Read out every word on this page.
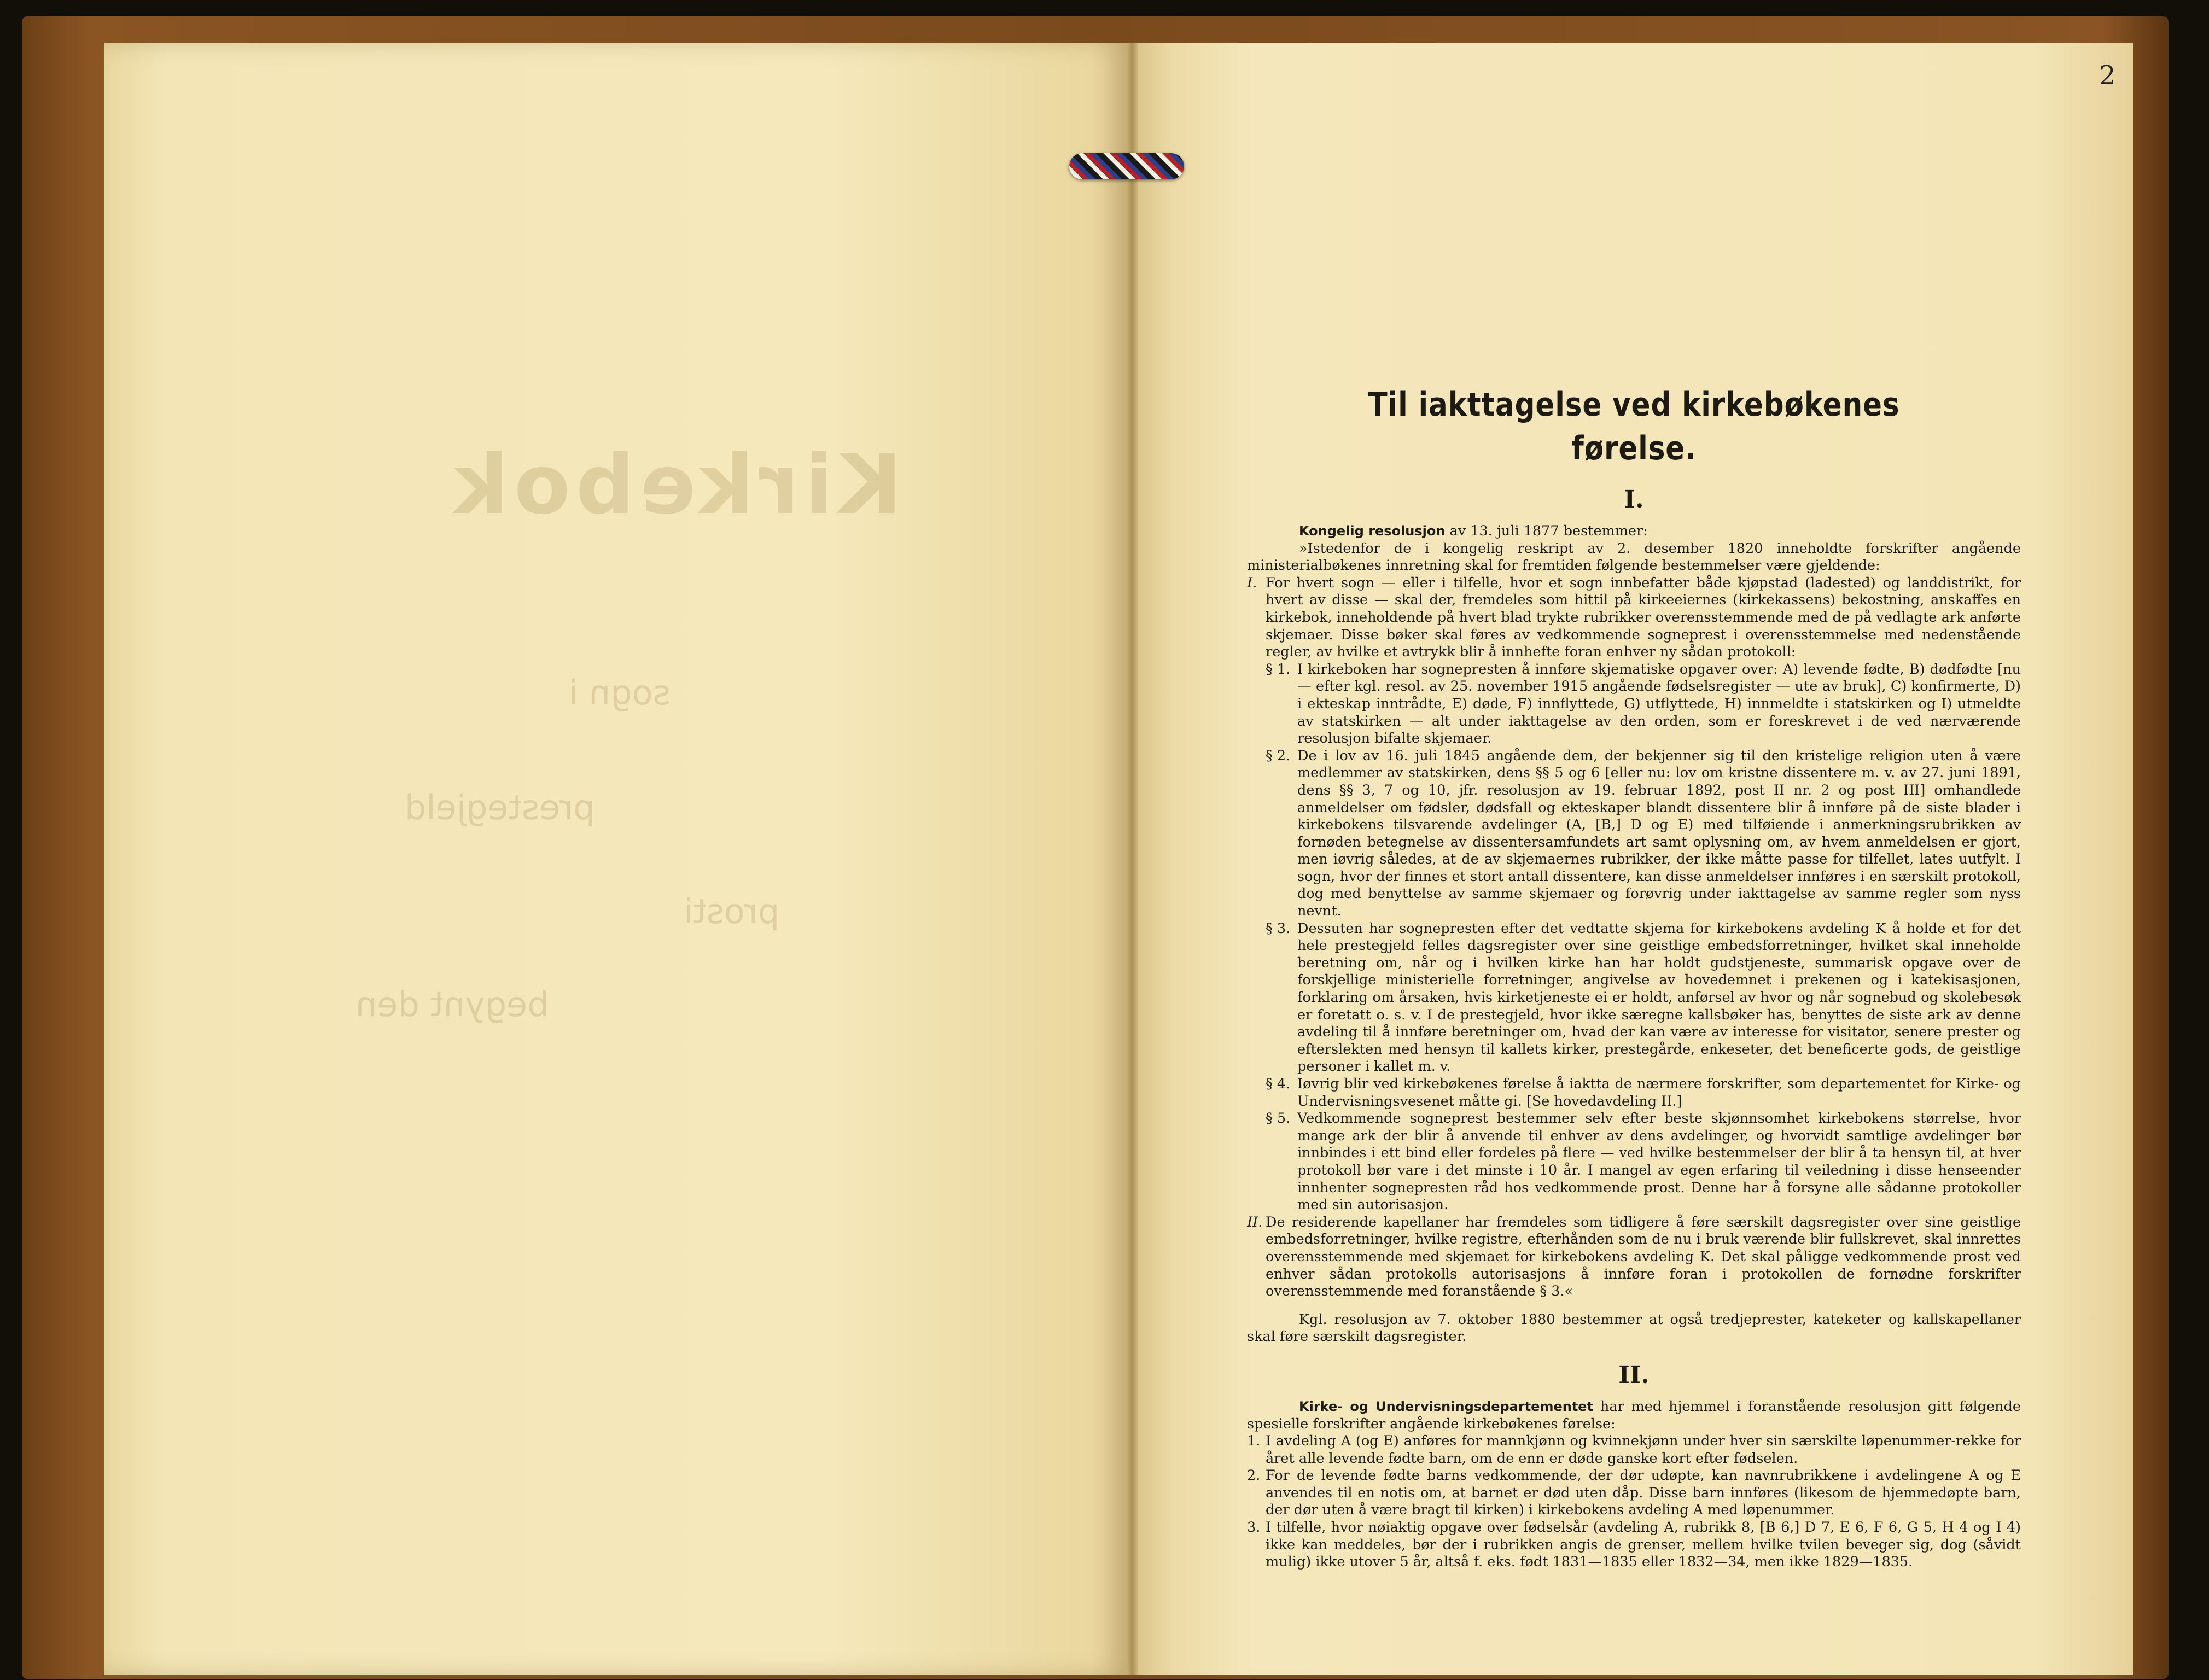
Kirkebok
sogn i
prestegjeld
prosti
begynt den
2
Til iakttagelse ved kirkebøkenes førelse.
I.

Kongelig resolusjon av 13. juli 1877 bestemmer:

»Istedenfor de i kongelig reskript av 2. desember 1820 inneholdte forskrifter angående ministerialbøkenes innretning skal for fremtiden følgende bestemmelser være gjeldende:

I. For hvert sogn — eller i tilfelle, hvor et sogn innbefatter både kjøpstad (ladested) og landdistrikt, for hvert av disse — skal der, fremdeles som hittil på kirkeeiernes (kirkekassens) bekostning, anskaffes en kirkebok, inneholdende på hvert blad trykte rubrikker overensstemmende med de på vedlagte ark anførte skjemaer. Disse bøker skal føres av vedkommende sogneprest i overensstemmelse med nedenstående regler, av hvilke et avtrykk blir å innhefte foran enhver ny sådan protokoll:
§ 1. I kirkeboken har sognepresten å innføre skjematiske opgaver over: A) levende fødte, B) dødfødte [nu — efter kgl. resol. av 25. november 1915 angående fødselsregister — ute av bruk], C) konfirmerte, D) i ekteskap inntrådte, E) døde, F) innflyttede, G) utflyttede, H) innmeldte i statskirken og I) utmeldte av statskirken — alt under iakttagelse av den orden, som er foreskrevet i de ved nærværende resolusjon bifalte skjemaer.
§ 2. De i lov av 16. juli 1845 angående dem, der bekjenner sig til den kristelige religion uten å være medlemmer av statskirken, dens §§ 5 og 6 [eller nu: lov om kristne dissentere m. v. av 27. juni 1891, dens §§ 3, 7 og 10, jfr. resolusjon av 19. februar 1892, post II nr. 2 og post III] omhandlede anmeldelser om fødsler, dødsfall og ekteskaper blandt dissentere blir å innføre på de siste blader i kirkebokens tilsvarende avdelinger (A, [B,] D og E) med tilføiende i anmerkningsrubrikken av fornøden betegnelse av dissentersamfundets art samt oplysning om, av hvem anmeldelsen er gjort, men iøvrig således, at de av skjemaernes rubrikker, der ikke måtte passe for tilfellet, lates uutfylt. I sogn, hvor der finnes et stort antall dissentere, kan disse anmeldelser innføres i en særskilt protokoll, dog med benyttelse av samme skjemaer og forøvrig under iakttagelse av samme regler som nyss nevnt.
§ 3. Dessuten har sognepresten efter det vedtatte skjema for kirkebokens avdeling K å holde et for det hele prestegjeld felles dagsregister over sine geistlige embedsforretninger, hvilket skal inneholde beretning om, når og i hvilken kirke han har holdt gudstjeneste, summarisk opgave over de forskjellige ministerielle forretninger, angivelse av hovedemnet i prekenen og i katekisasjonen, forklaring om årsaken, hvis kirketjeneste ei er holdt, anførsel av hvor og når sognebud og skolebesøk er foretatt o. s. v. I de prestegjeld, hvor ikke særegne kallsbøker has, benyttes de siste ark av denne avdeling til å innføre beretninger om, hvad der kan være av interesse for visitator, senere prester og efterslekten med hensyn til kallets kirker, prestegårde, enkeseter, det beneficerte gods, de geistlige personer i kallet m. v.
§ 4. Iøvrig blir ved kirkebøkenes førelse å iaktta de nærmere forskrifter, som departementet for Kirke- og Undervisningsvesenet måtte gi. [Se hovedavdeling II.]
§ 5. Vedkommende sogneprest bestemmer selv efter beste skjønnsomhet kirkebokens størrelse, hvor mange ark der blir å anvende til enhver av dens avdelinger, og hvorvidt samtlige avdelinger bør innbindes i ett bind eller fordeles på flere — ved hvilke bestemmelser der blir å ta hensyn til, at hver protokoll bør vare i det minste i 10 år. I mangel av egen erfaring til veiledning i disse henseender innhenter sognepresten råd hos vedkommende prost. Denne har å forsyne alle sådanne protokoller med sin autorisasjon.
II. De residerende kapellaner har fremdeles som tidligere å føre særskilt dagsregister over sine geistlige embedsforretninger, hvilke registre, efterhånden som de nu i bruk værende blir fullskrevet, skal innrettes overensstemmende med skjemaet for kirkebokens avdeling K. Det skal påligge vedkommende prost ved enhver sådan protokolls autorisasjons å innføre foran i protokollen de fornødne forskrifter overensstemmende med foranstående § 3.«

Kgl. resolusjon av 7. oktober 1880 bestemmer at også tredjeprester, kateketer og kallskapellaner skal føre særskilt dagsregister.

II.

Kirke- og Undervisningsdepartementet har med hjemmel i foranstående resolusjon gitt følgende spesielle forskrifter angående kirkebøkenes førelse:

1. I avdeling A (og E) anføres for mannkjønn og kvinnekjønn under hver sin særskilte løpenummer-rekke for året alle levende fødte barn, om de enn er døde ganske kort efter fødselen.
2. For de levende fødte barns vedkommende, der dør udøpte, kan navnrubrikkene i avdelingene A og E anvendes til en notis om, at barnet er død uten dåp. Disse barn innføres (likesom de hjemmedøpte barn, der dør uten å være bragt til kirken) i kirkebokens avdeling A med løpenummer.
3. I tilfelle, hvor nøiaktig opgave over fødselsår (avdeling A, rubrikk 8, [B 6,] D 7, E 6, F 6, G 5, H 4 og I 4) ikke kan meddeles, bør der i rubrikken angis de grenser, mellem hvilke tvilen beveger sig, dog (såvidt mulig) ikke utover 5 år, altså f. eks. født 1831—1835 eller 1832—34, men ikke 1829—1835.
